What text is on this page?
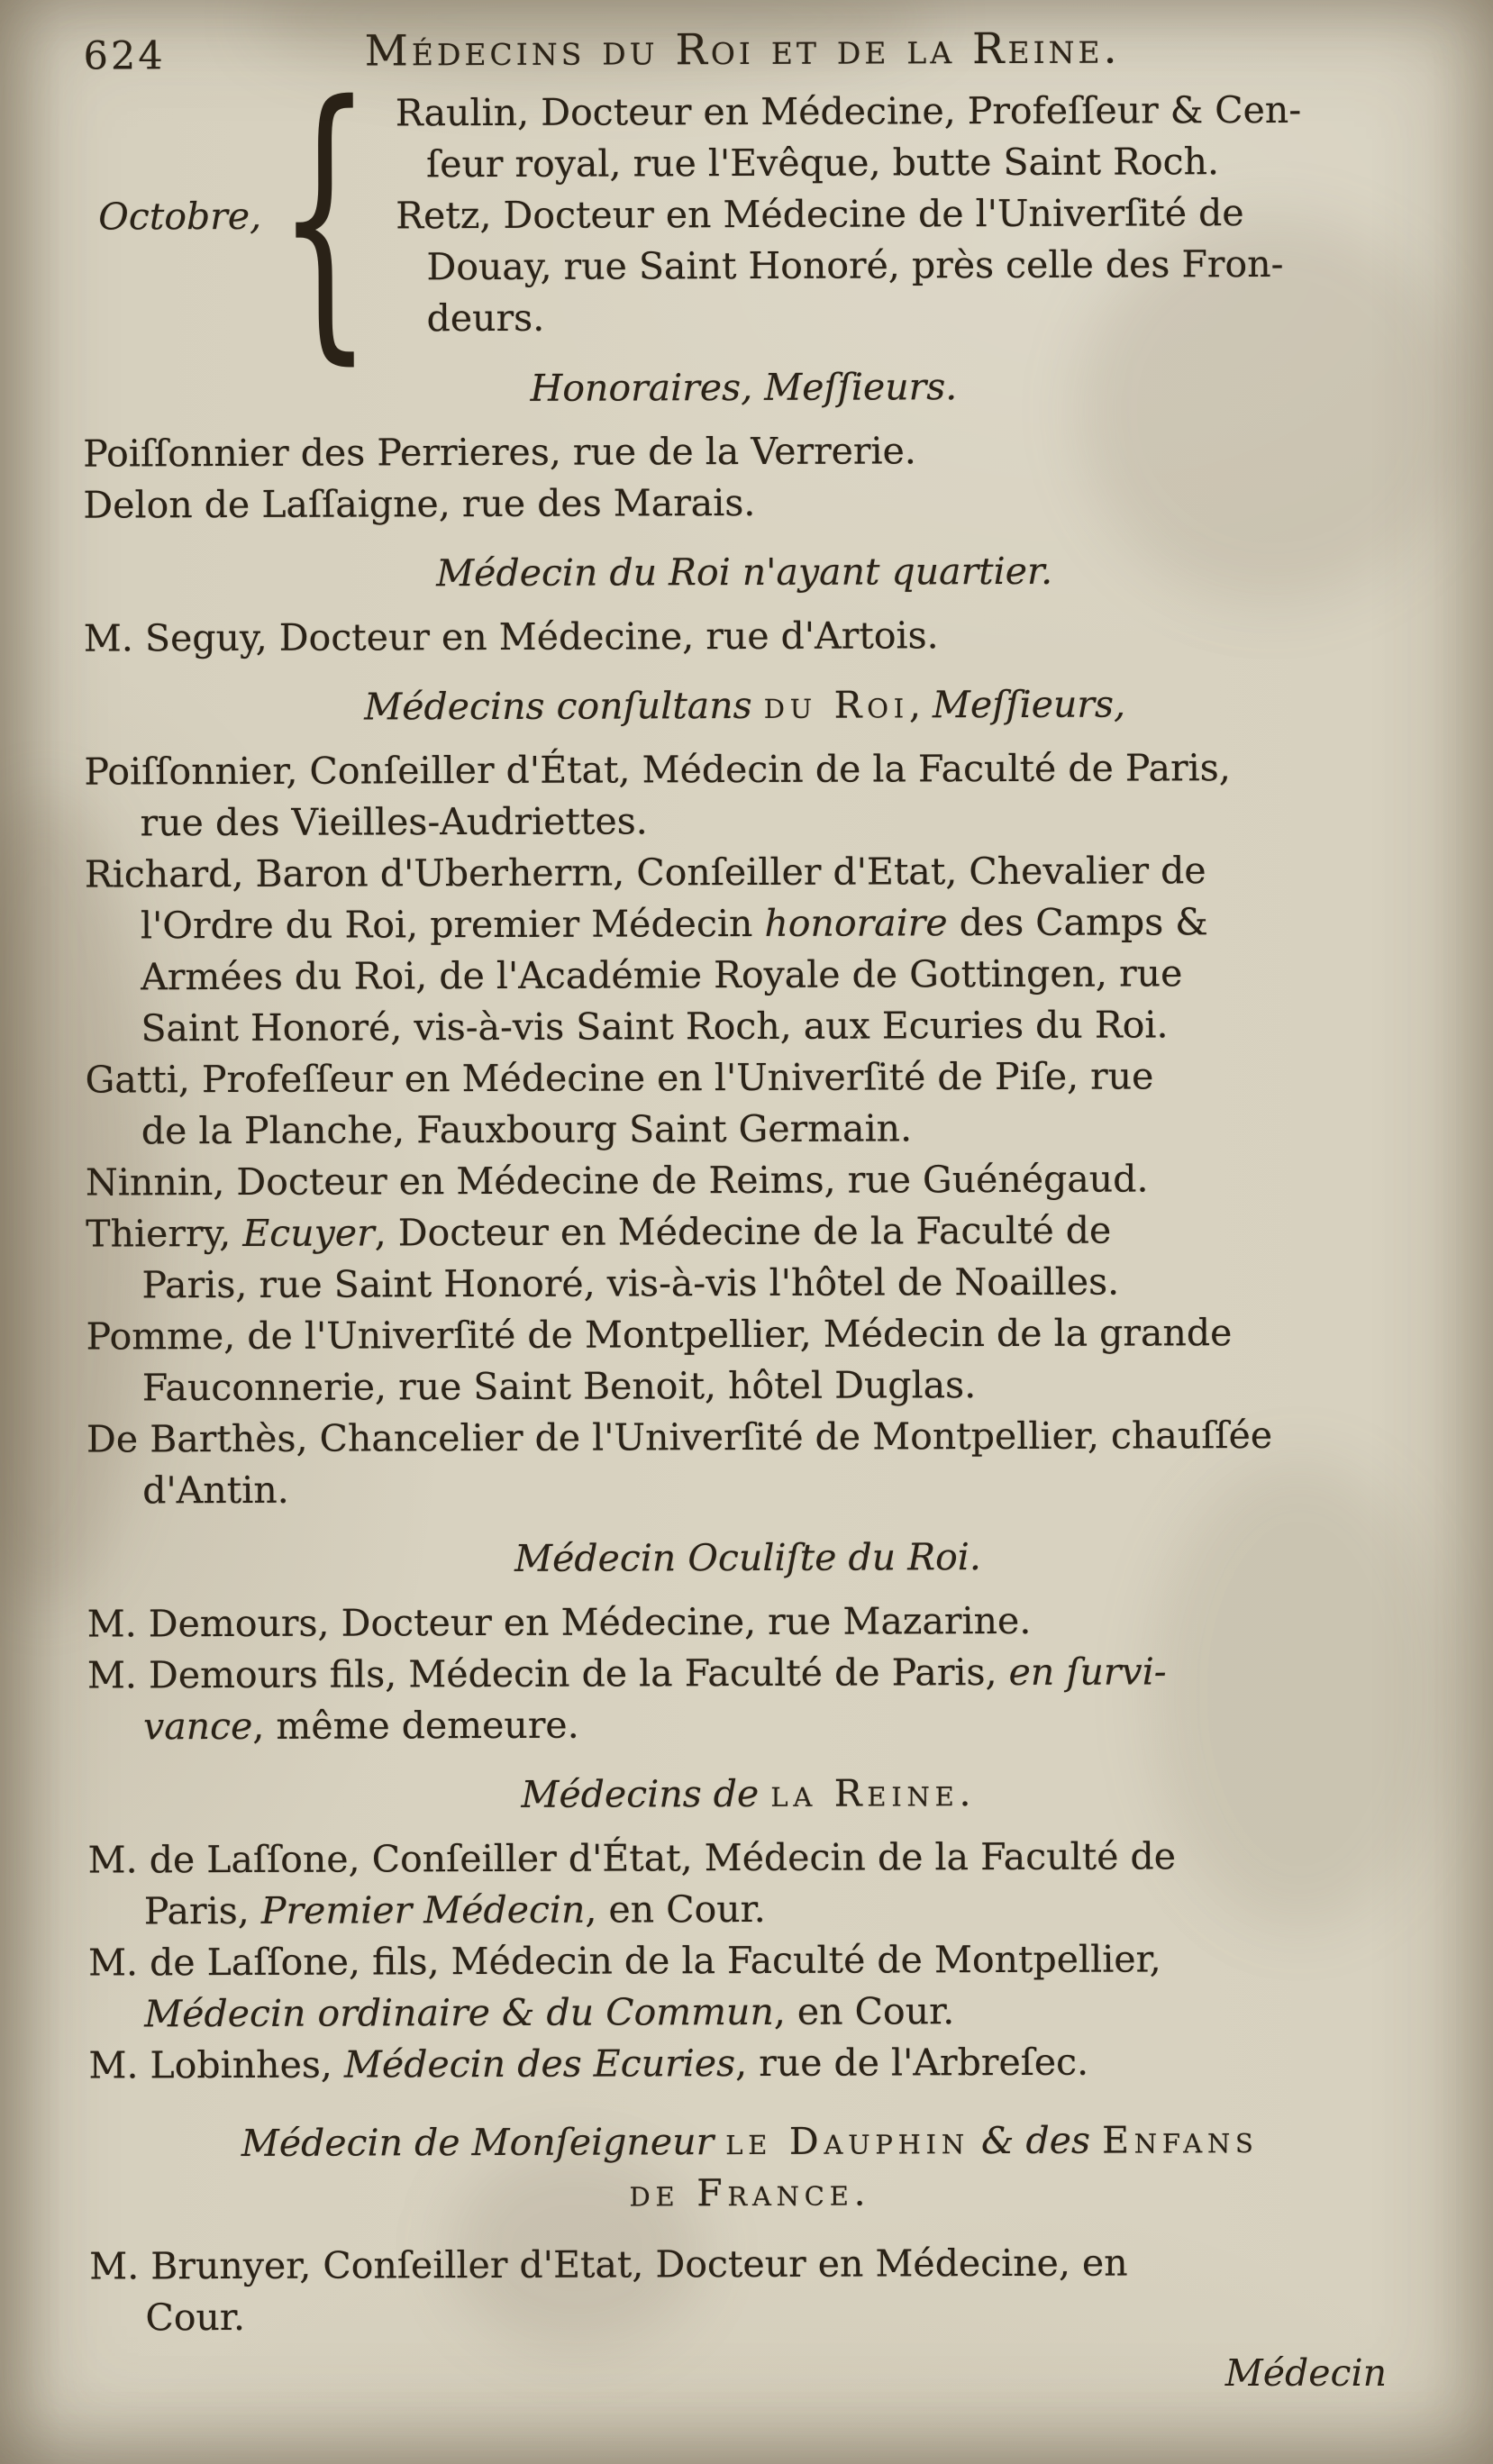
624	Médecins du Roi et de la Reine.
Octobre, { Raulin, Docteur en Médecine, Profeſſeur & Cen-
ſeur royal, rue l'Evêque, butte Saint Roch.
Retz, Docteur en Médecine de l'Univerſité de
Douay, rue Saint Honoré, près celle des Fron-
deurs.
Honoraires, Meſſieurs.
Poiſſonnier des Perrieres, rue de la Verrerie.
Delon de Laſſaigne, rue des Marais.
Médecin du Roi n'ayant quartier.
M. Seguy, Docteur en Médecine, rue d'Artois.
Médecins conſultans du Roi, Meſſieurs,
Poiſſonnier, Conſeiller d'État, Médecin de la Faculté de Paris,
rue des Vieilles-Audriettes.
Richard, Baron d'Uberherrn, Conſeiller d'Etat, Chevalier de
l'Ordre du Roi, premier Médecin honoraire des Camps &
Armées du Roi, de l'Académie Royale de Gottingen, rue
Saint Honoré, vis-à-vis Saint Roch, aux Ecuries du Roi.
Gatti, Profeſſeur en Médecine en l'Univerſité de Piſe, rue
de la Planche, Fauxbourg Saint Germain.
Ninnin, Docteur en Médecine de Reims, rue Guénégaud.
Thierry, Ecuyer, Docteur en Médecine de la Faculté de
Paris, rue Saint Honoré, vis-à-vis l'hôtel de Noailles.
Pomme, de l'Univerſité de Montpellier, Médecin de la grande
Fauconnerie, rue Saint Benoit, hôtel Duglas.
De Barthès, Chancelier de l'Univerſité de Montpellier, chauſſée
d'Antin.
Médecin Oculiſte du Roi.
M. Demours, Docteur en Médecine, rue Mazarine.
M. Demours fils, Médecin de la Faculté de Paris, en ſurvi-
vance, même demeure.
Médecins de la Reine.
M. de Laſſone, Conſeiller d'État, Médecin de la Faculté de
Paris, Premier Médecin, en Cour.
M. de Laſſone, fils, Médecin de la Faculté de Montpellier,
Médecin ordinaire & du Commun, en Cour.
M. Lobinhes, Médecin des Ecuries, rue de l'Arbreſec.
Médecin de Monſeigneur le Dauphin & des Enfans
de France.
M. Brunyer, Conſeiller d'Etat, Docteur en Médecine, en
Cour.
Médecin
